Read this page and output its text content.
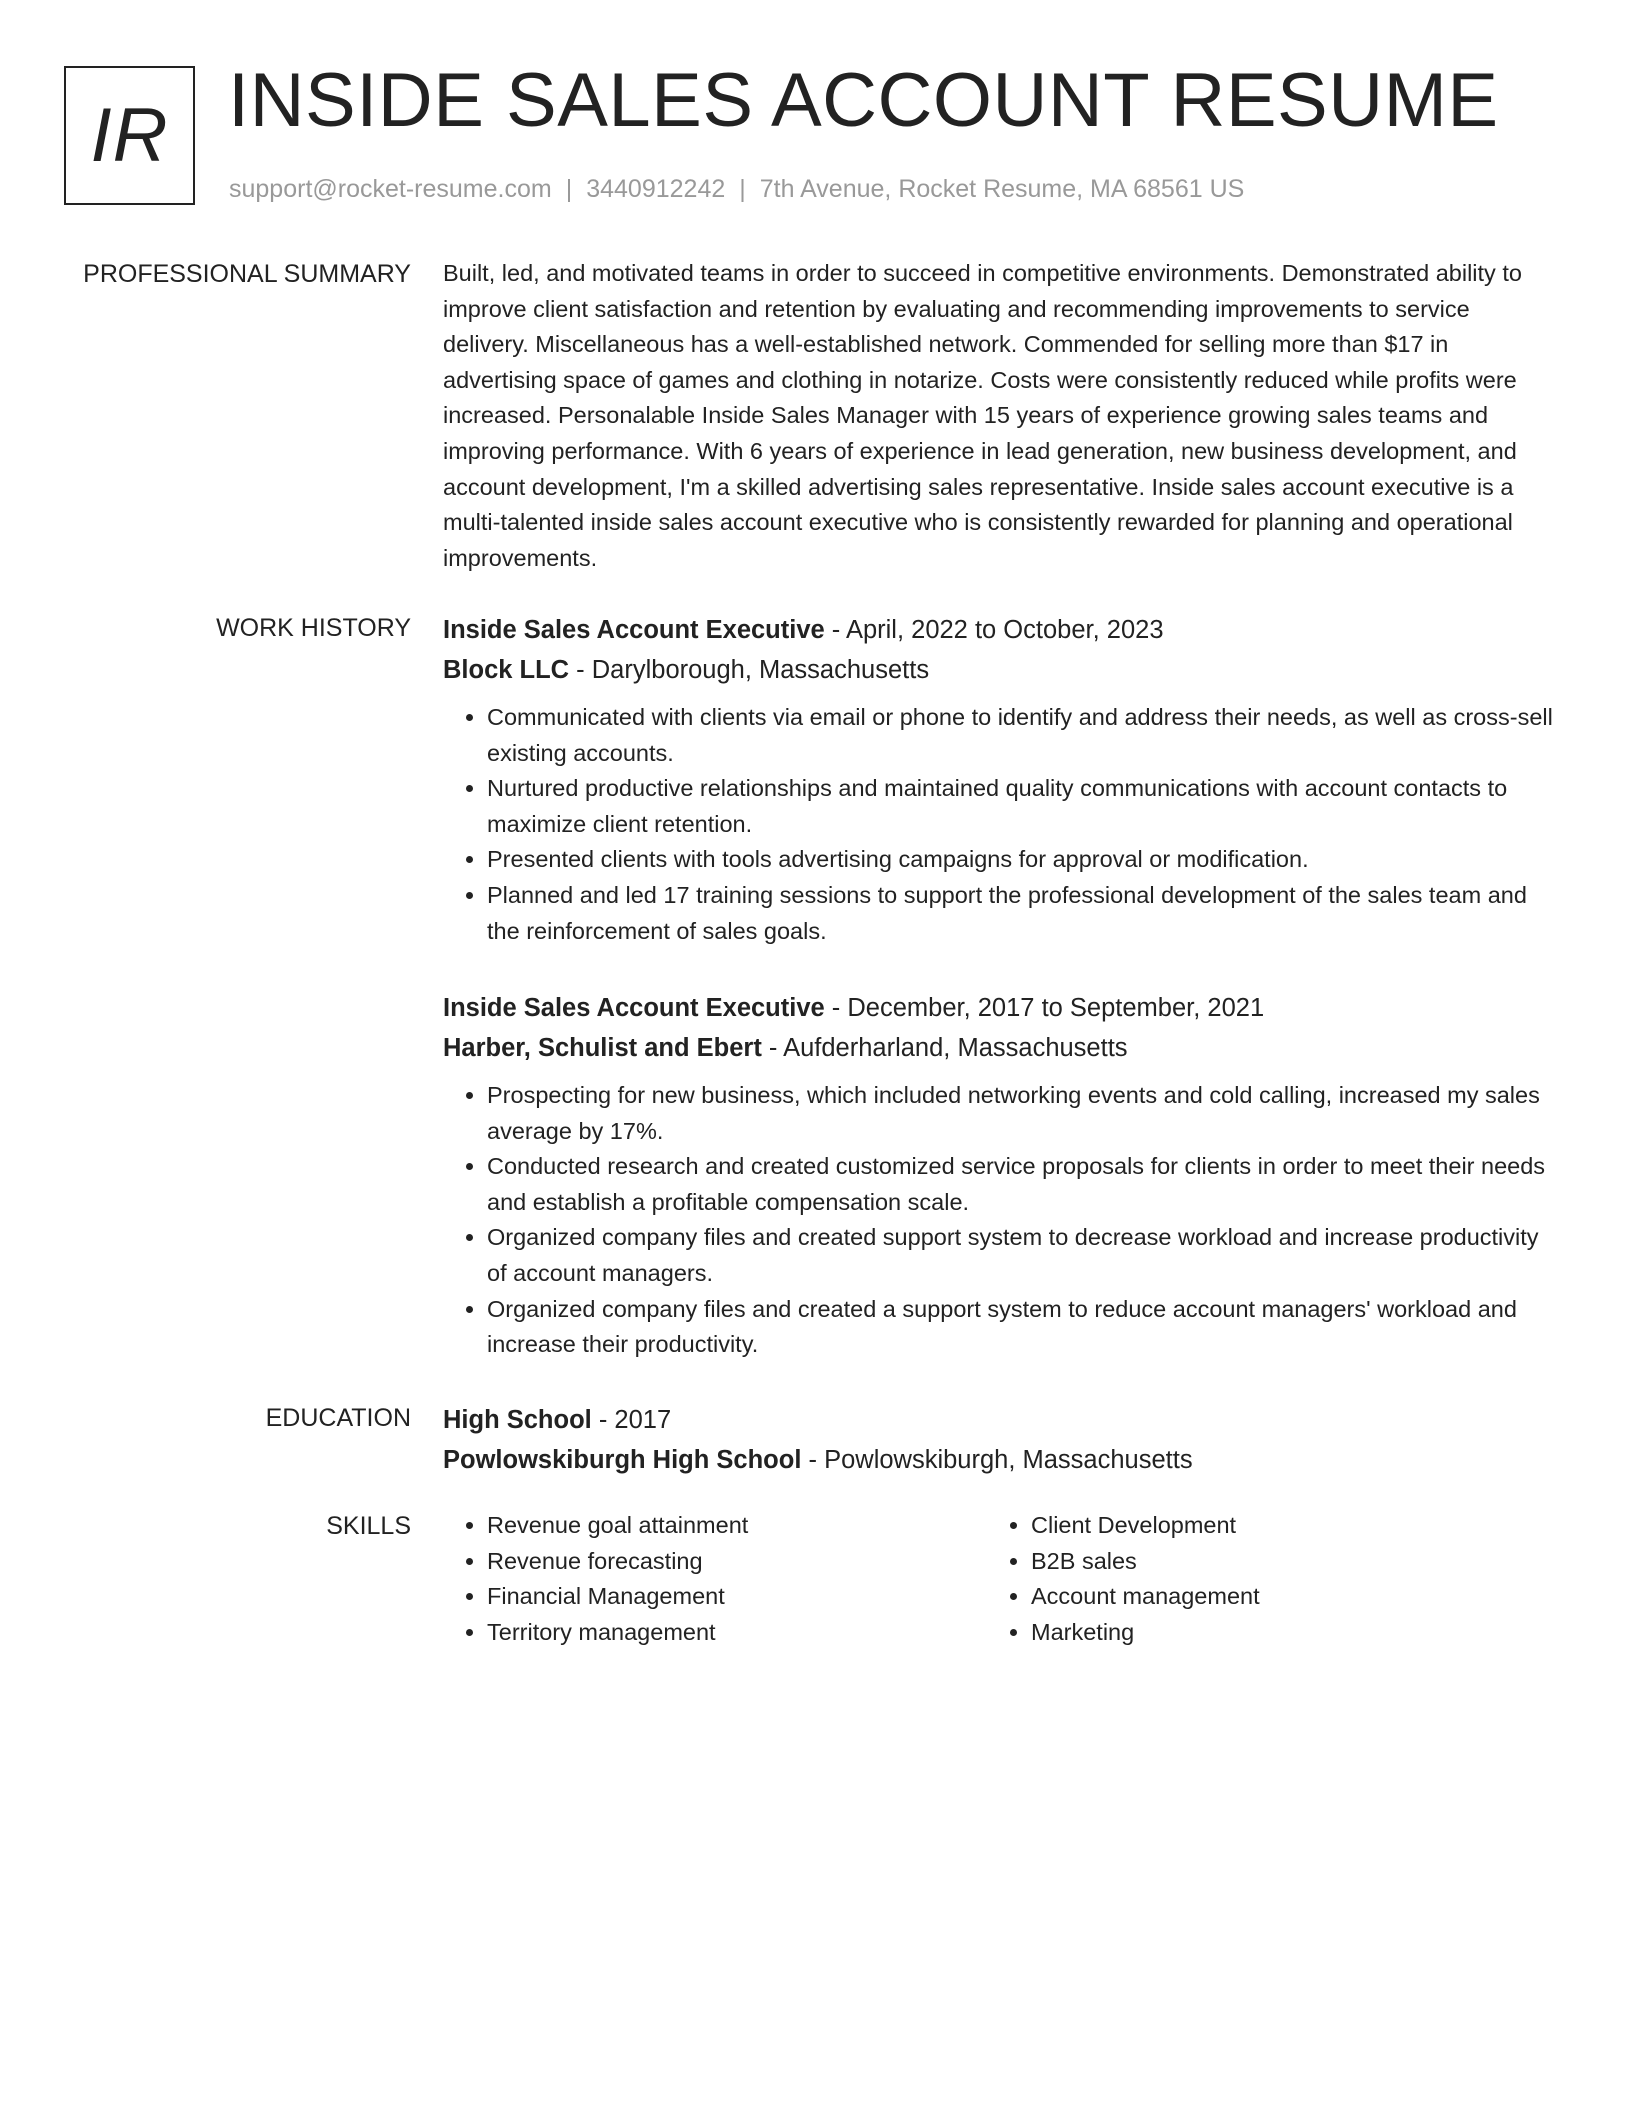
IR INSIDE SALES ACCOUNT RESUME
support@rocket-resume.com | 3440912242 | 7th Avenue, Rocket Resume, MA 68561 US
PROFESSIONAL SUMMARY Built, led, and motivated teams in order to succeed in competitive environments. Demonstrated ability to improve client satisfaction and retention by evaluating and recommending improvements to service delivery. Miscellaneous has a well-established network. Commended for selling more than $17 in advertising space of games and clothing in notarize. Costs were consistently reduced while profits were increased. Personalable Inside Sales Manager with 15 years of experience growing sales teams and improving performance. With 6 years of experience in lead generation, new business development, and account development, I'm a skilled advertising sales representative. Inside sales account executive is a multi-talented inside sales account executive who is consistently rewarded for planning and operational improvements.

WORK HISTORY Inside Sales Account Executive - April, 2022 to October, 2023
Block LLC - Darylborough, Massachusetts
• Communicated with clients via email or phone to identify and address their needs, as well as cross-sell existing accounts.
• Nurtured productive relationships and maintained quality communications with account contacts to maximize client retention.
• Presented clients with tools advertising campaigns for approval or modification.
• Planned and led 17 training sessions to support the professional development of the sales team and the reinforcement of sales goals.
Inside Sales Account Executive - December, 2017 to September, 2021
Harber, Schulist and Ebert - Aufderharland, Massachusetts
• Prospecting for new business, which included networking events and cold calling, increased my sales average by 17%.
• Conducted research and created customized service proposals for clients in order to meet their needs and establish a profitable compensation scale.
• Organized company files and created support system to decrease workload and increase productivity of account managers.
• Organized company files and created a support system to reduce account managers' workload and increase their productivity.
EDUCATION High School - 2017
Powlowskiburgh High School - Powlowskiburgh, Massachusetts
SKILLS
•	Revenue goal attainment
• Revenue forecasting
• Financial Management
• Territory management
• Client Development
• B2B sales
• Account management
• Marketing
